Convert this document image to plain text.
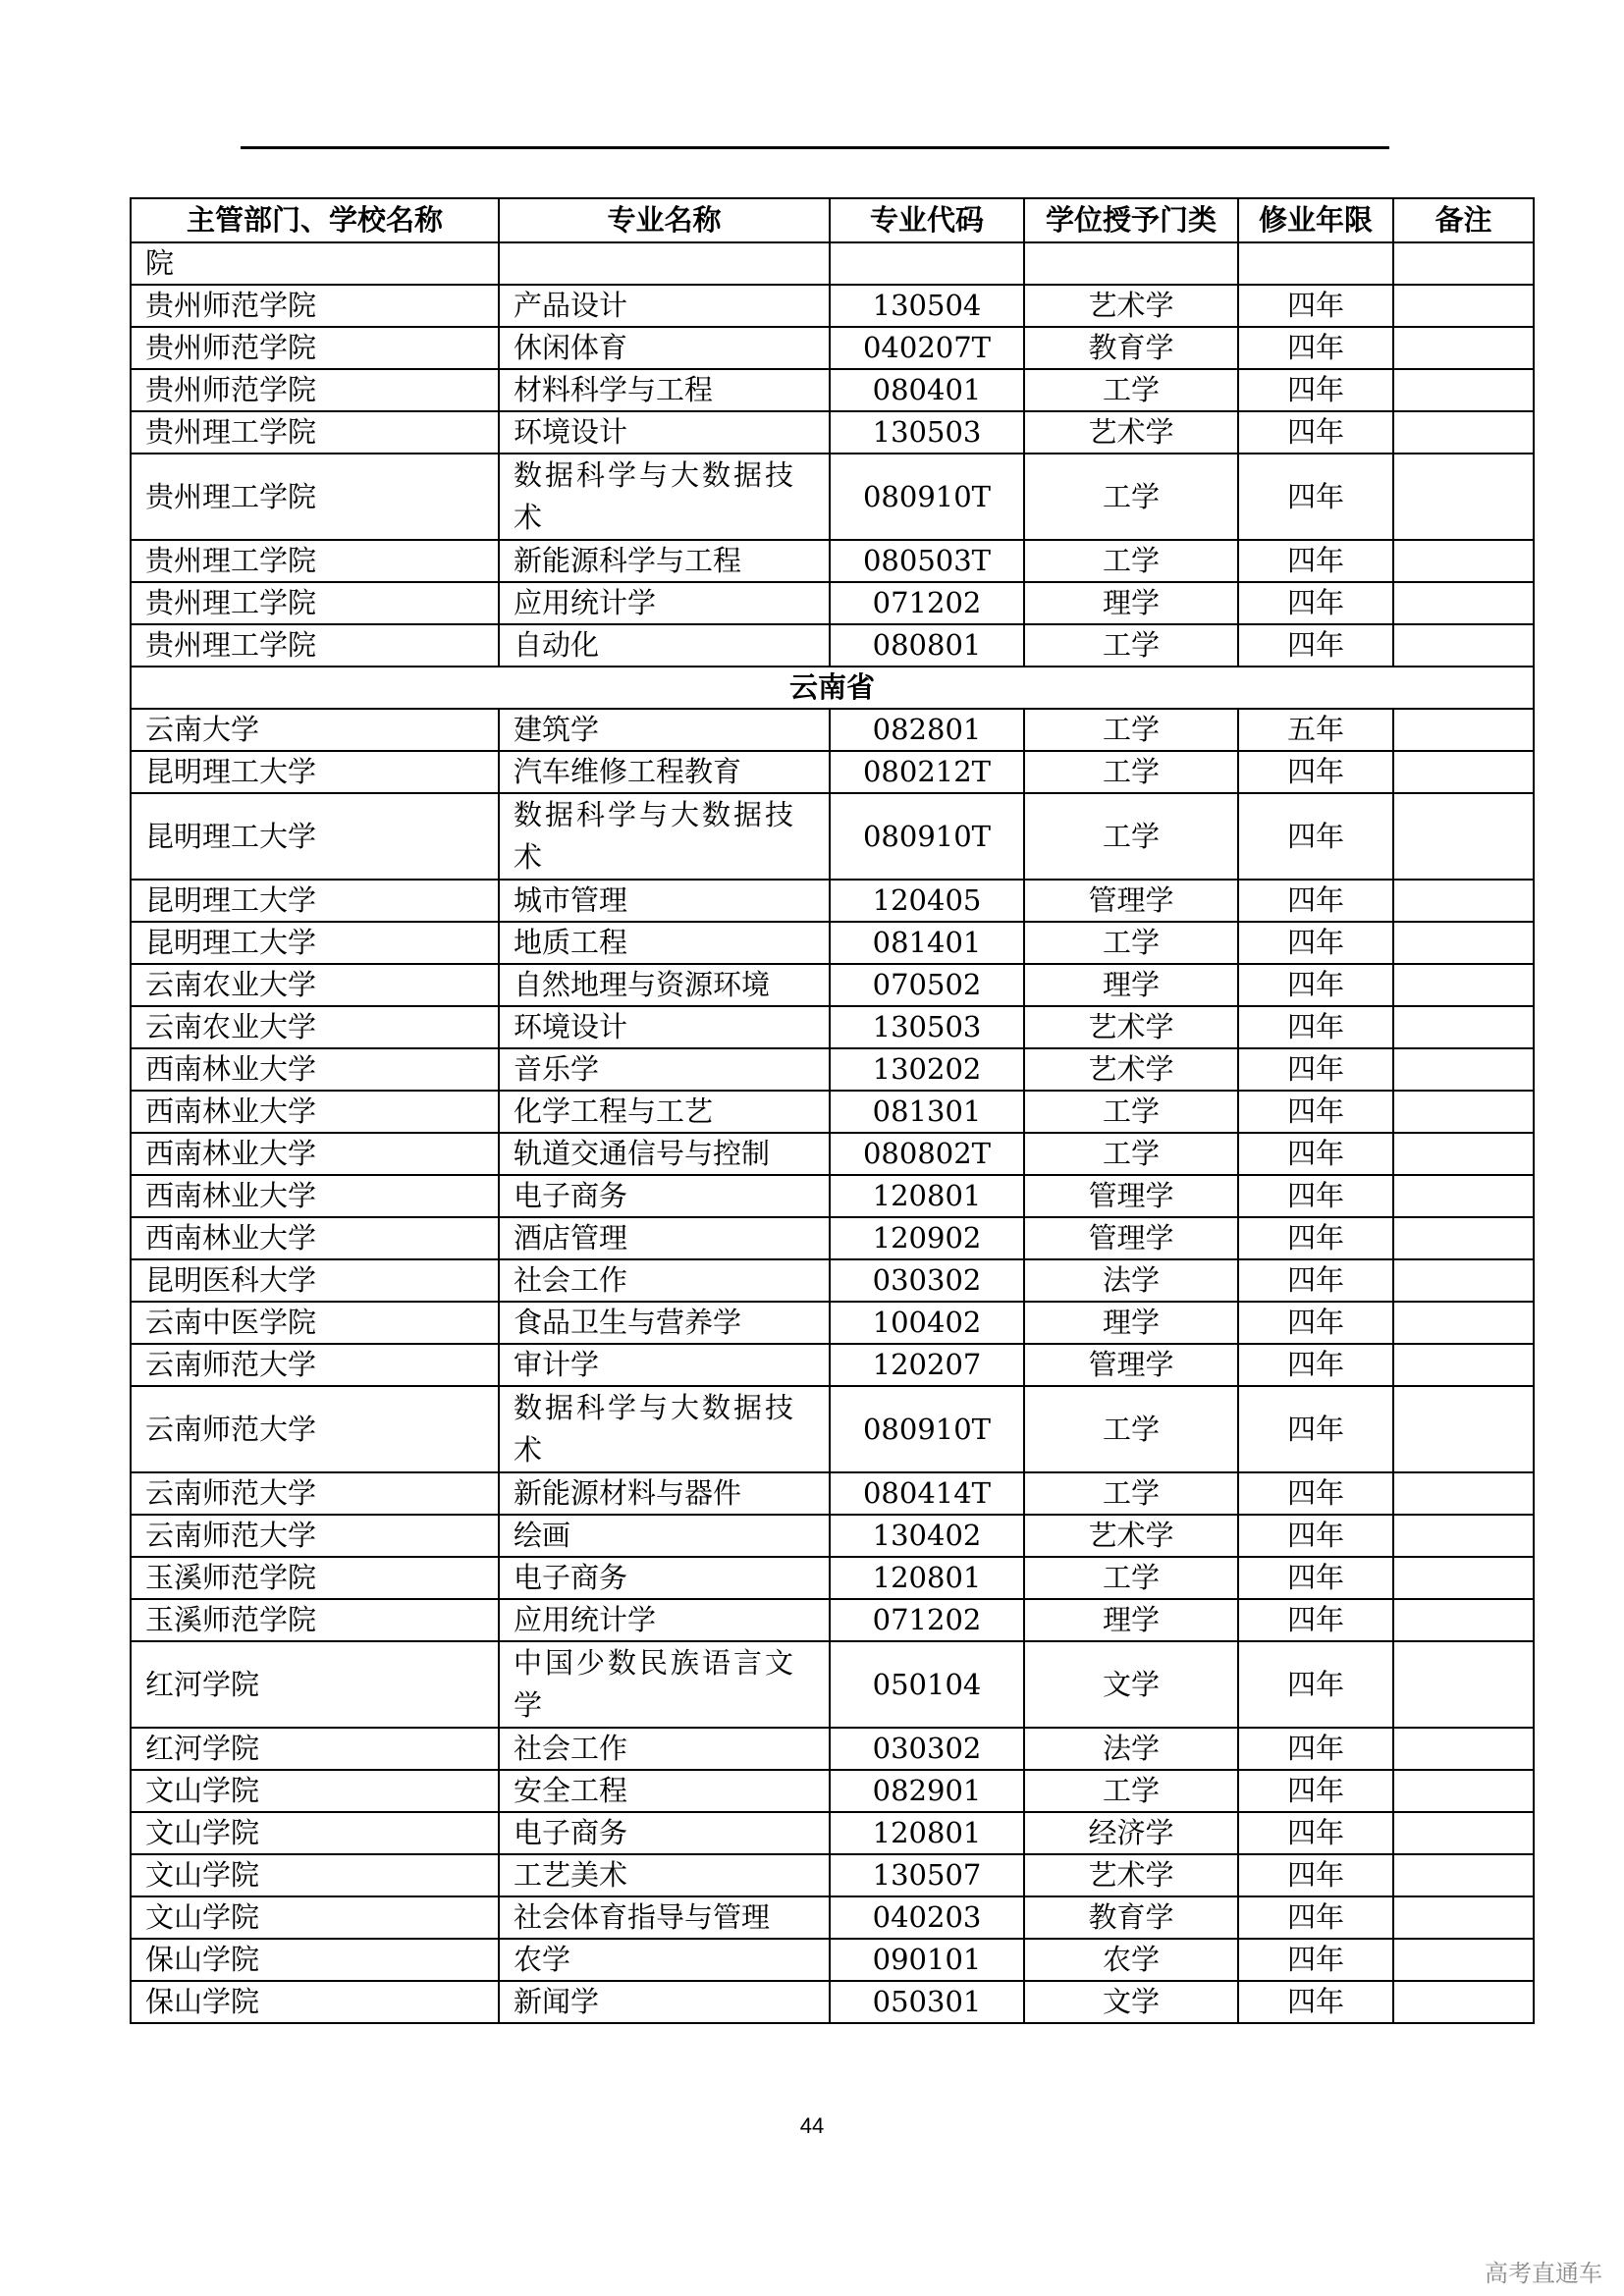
主管部门、学校名称	专业名称	专业代码	学位授予门类	修业年限	备注
院					
贵州师范学院	产品设计	130504	艺术学	四年	
贵州师范学院	休闲体育	040207T	教育学	四年	
贵州师范学院	材料科学与工程	080401	工学	四年	
贵州理工学院	环境设计	130503	艺术学	四年	
贵州理工学院	数据科学与大数据技术	080910T	工学	四年	
贵州理工学院	新能源科学与工程	080503T	工学	四年	
贵州理工学院	应用统计学	071202	理学	四年	
贵州理工学院	自动化	080801	工学	四年	
云南省					
云南大学	建筑学	082801	工学	五年	
昆明理工大学	汽车维修工程教育	080212T	工学	四年	
昆明理工大学	数据科学与大数据技术	080910T	工学	四年	
昆明理工大学	城市管理	120405	管理学	四年	
昆明理工大学	地质工程	081401	工学	四年	
云南农业大学	自然地理与资源环境	070502	理学	四年	
云南农业大学	环境设计	130503	艺术学	四年	
西南林业大学	音乐学	130202	艺术学	四年	
西南林业大学	化学工程与工艺	081301	工学	四年	
西南林业大学	轨道交通信号与控制	080802T	工学	四年	
西南林业大学	电子商务	120801	管理学	四年	
西南林业大学	酒店管理	120902	管理学	四年	
昆明医科大学	社会工作	030302	法学	四年	
云南中医学院	食品卫生与营养学	100402	理学	四年	
云南师范大学	审计学	120207	管理学	四年	
云南师范大学	数据科学与大数据技术	080910T	工学	四年	
云南师范大学	新能源材料与器件	080414T	工学	四年	
云南师范大学	绘画	130402	艺术学	四年	
玉溪师范学院	电子商务	120801	工学	四年	
玉溪师范学院	应用统计学	071202	理学	四年	
红河学院	中国少数民族语言文学	050104	文学	四年	
红河学院	社会工作	030302	法学	四年	
文山学院	安全工程	082901	工学	四年	
文山学院	电子商务	120801	经济学	四年	
文山学院	工艺美术	130507	艺术学	四年	
文山学院	社会体育指导与管理	040203	教育学	四年	
保山学院	农学	090101	农学	四年	
保山学院	新闻学	050301	文学	四年	
44
高考直通车
